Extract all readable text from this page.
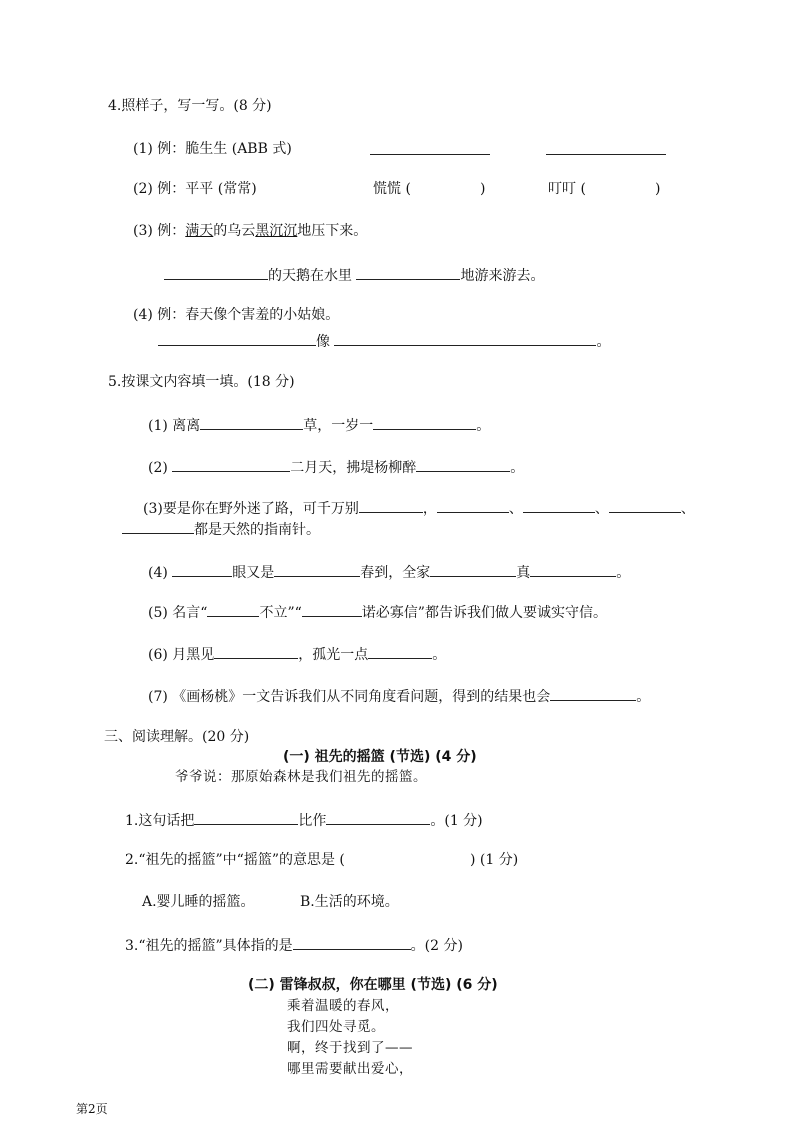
4.照样子，写一写。(8 分)
(1) 例：脆生生 (ABB 式)
(2) 例：平平 (常常)	慌慌 (	)	叮叮 (	)
(3) 例：满天的乌云黑沉沉地压下来。
的天鹅在水里	地游来游去。
(4) 例：春天像个害羞的小姑娘。
像	。
5.按课文内容填一填。(18 分)
(1) 离离	草，一岁一	。
(2)	二月天，拂堤杨柳醉	。
(3)要是你在野外迷了路，可千万别	，	、	、	、
都是天然的指南针。
(4)	眼又是	春到，全家	真	。
(5) 名言“	不立”“	诺必寡信”都告诉我们做人要诚实守信。
(6) 月黑见	，孤光一点	。
(7) 《画杨桃》一文告诉我们从不同角度看问题，得到的结果也会	。
三、阅读理解。(20 分)
(一) 祖先的摇篮 (节选) (4 分)
爷爷说：那原始森林是我们祖先的摇篮。
1.这句话把	比作	。(1 分)
2.“祖先的摇篮”中“摇篮”的意思是 (	) (1 分)
A.婴儿睡的摇篮。	B.生活的环境。
3.“祖先的摇篮”具体指的是	。(2 分)
(二) 雷锋叔叔，你在哪里 (节选) (6 分)
乘着温暖的春风，
我们四处寻觅。
啊，终于找到了——
哪里需要献出爱心，
第2页
